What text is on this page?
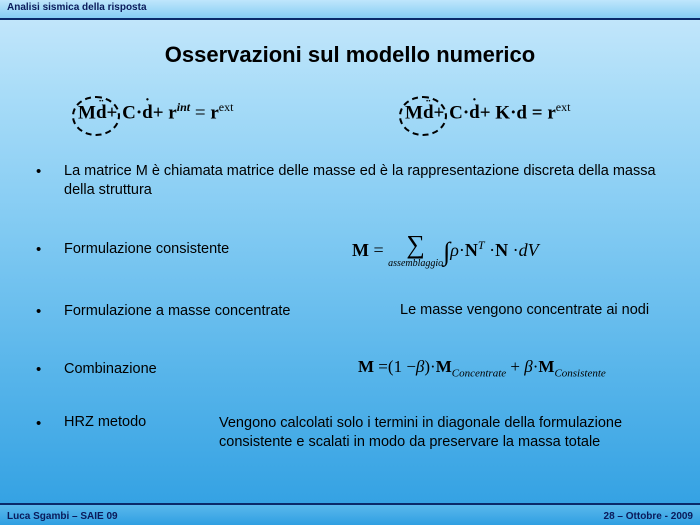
Analisi sismica della risposta
Osservazioni sul modello numerico
Md ̈+ C·d ˙+ $r^{int} = r^{ext}$	Md ̈+ C·d ˙+ $K\cdot d = r^{ext}$
• La matrice M è chiamata matrice delle masse ed è la rappresentazione discreta della massa della struttura
• Formulazione consistente	M = ∑
assemblaggio $\int\rho\cdot N^T \cdot N \cdot dV$
• Formulazione a masse concentrate	Le masse vengono concentrate ai nodi
• Combinazione	$M =(1 -\beta)\cdot M_{Concentrate} + \beta\cdot M_{Consistente}$
• HRZ metodo	Vengono calcolati solo i termini in diagonale della formulazione consistente e scalati in modo da preservare la massa totale
Luca Sgambi – SAIE 09	28 – Ottobre - 2009
